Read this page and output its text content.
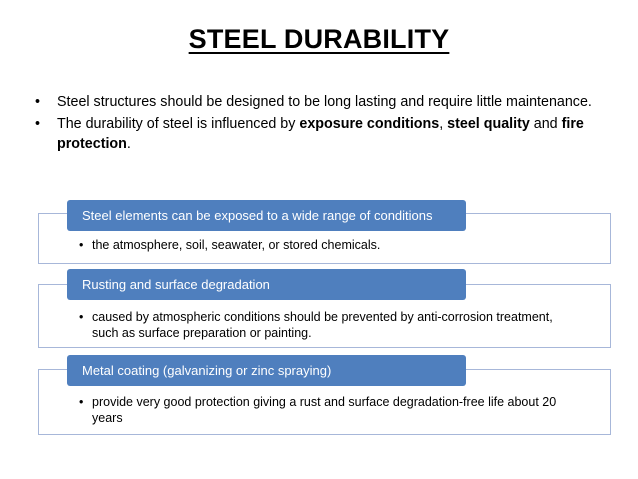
STEEL DURABILITY
• Steel structures should be designed to be long lasting and require little maintenance.
• The durability of steel is influenced by exposure conditions, steel quality and fire protection.
• the atmosphere, soil, seawater, or stored chemicals.
Steel elements can be exposed to a wide range of conditions
• caused by atmospheric conditions should be prevented by anti-corrosion treatment, such as surface preparation or painting.
Rusting and surface degradation
• provide very good protection giving a rust and surface degradation-free life about 20 years
Metal coating (galvanizing or zinc spraying)
